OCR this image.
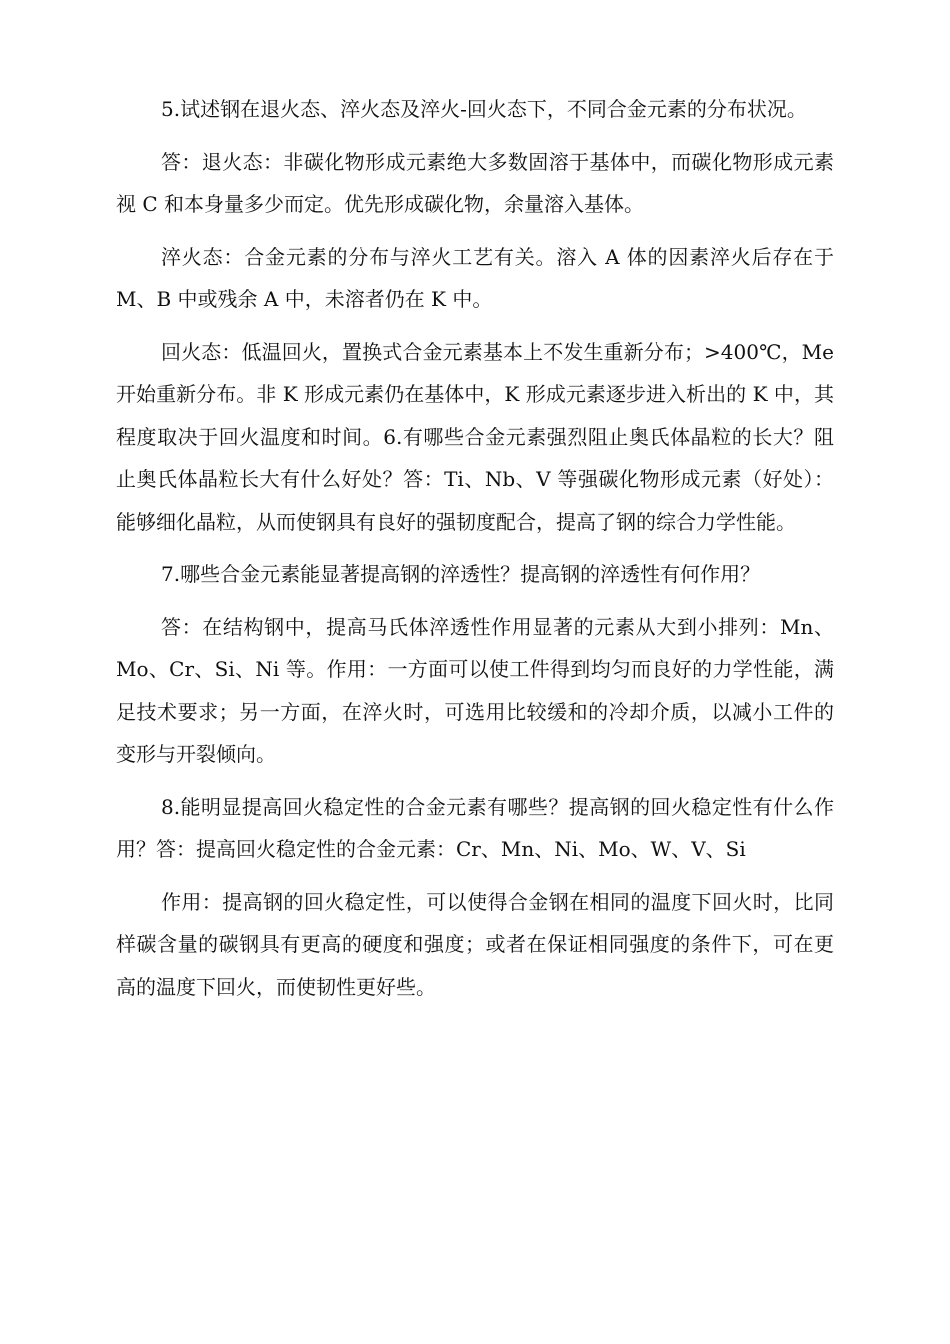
5.试述钢在退火态、淬火态及淬火-回火态下，不同合金元素的分布状况。

答：退火态：非碳化物形成元素绝大多数固溶于基体中，而碳化物形成元素视 C 和本身量多少而定。优先形成碳化物，余量溶入基体。

淬火态：合金元素的分布与淬火工艺有关。溶入 A 体的因素淬火后存在于 M、B 中或残余 A 中，未溶者仍在 K 中。

回火态：低温回火，置换式合金元素基本上不发生重新分布；>400℃，Me 开始重新分布。非 K 形成元素仍在基体中，K 形成元素逐步进入析出的 K 中，其程度取决于回火温度和时间。6.有哪些合金元素强烈阻止奥氏体晶粒的长大？阻止奥氏体晶粒长大有什么好处？答：Ti、Nb、V 等强碳化物形成元素（好处）：能够细化晶粒，从而使钢具有良好的强韧度配合，提高了钢的综合力学性能。

7.哪些合金元素能显著提高钢的淬透性？提高钢的淬透性有何作用？

答：在结构钢中，提高马氏体淬透性作用显著的元素从大到小排列：Mn、Mo、Cr、Si、Ni 等。作用：一方面可以使工件得到均匀而良好的力学性能，满足技术要求；另一方面，在淬火时，可选用比较缓和的冷却介质，以减小工件的变形与开裂倾向。

8.能明显提高回火稳定性的合金元素有哪些？提高钢的回火稳定性有什么作用？答：提高回火稳定性的合金元素：Cr、Mn、Ni、Mo、W、V、Si

作用：提高钢的回火稳定性，可以使得合金钢在相同的温度下回火时，比同样碳含量的碳钢具有更高的硬度和强度；或者在保证相同强度的条件下，可在更高的温度下回火，而使韧性更好些。
